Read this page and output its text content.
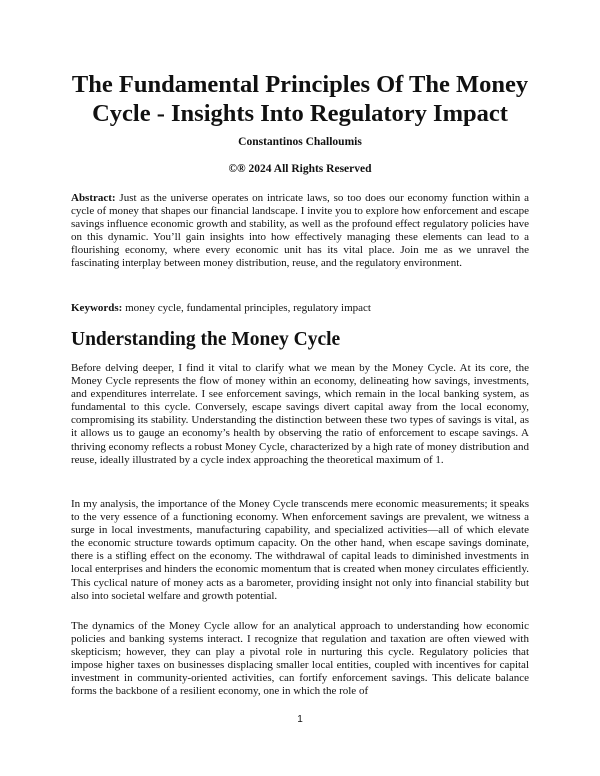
The Fundamental Principles Of The Money Cycle - Insights Into Regulatory Impact

Constantinos Challoumis

©® 2024 All Rights Reserved

Abstract: Just as the universe operates on intricate laws, so too does our economy function within a cycle of money that shapes our financial landscape. I invite you to explore how enforcement and escape savings influence economic growth and stability, as well as the profound effect regulatory policies have on this dynamic. You’ll gain insights into how effectively managing these elements can lead to a flourishing economy, where every economic unit has its vital place. Join me as we unravel the fascinating interplay between money distribution, reuse, and the regulatory environment.

Keywords: money cycle, fundamental principles, regulatory impact

Understanding the Money Cycle

Before delving deeper, I find it vital to clarify what we mean by the Money Cycle. At its core, the Money Cycle represents the flow of money within an economy, delineating how savings, investments, and expenditures interrelate. I see enforcement savings, which remain in the local banking system, as fundamental to this cycle. Conversely, escape savings divert capital away from the local economy, compromising its stability. Understanding the distinction between these two types of savings is vital, as it allows us to gauge an economy’s health by observing the ratio of enforcement to escape savings. A thriving economy reflects a robust Money Cycle, characterized by a high rate of money distribution and reuse, ideally illustrated by a cycle index approaching the theoretical maximum of 1.

In my analysis, the importance of the Money Cycle transcends mere economic measurements; it speaks to the very essence of a functioning economy. When enforcement savings are prevalent, we witness a surge in local investments, manufacturing capability, and specialized activities—all of which elevate the economic structure towards optimum capacity. On the other hand, when escape savings dominate, there is a stifling effect on the economy. The withdrawal of capital leads to diminished investments in local enterprises and hinders the economic momentum that is created when money circulates efficiently. This cyclical nature of money acts as a barometer, providing insight not only into financial stability but also into societal welfare and growth potential.

The dynamics of the Money Cycle allow for an analytical approach to understanding how economic policies and banking systems interact. I recognize that regulation and taxation are often viewed with skepticism; however, they can play a pivotal role in nurturing this cycle. Regulatory policies that impose higher taxes on businesses displacing smaller local entities, coupled with incentives for capital investment in community-oriented activities, can fortify enforcement savings. This delicate balance forms the backbone of a resilient economy, one in which the role of

1
